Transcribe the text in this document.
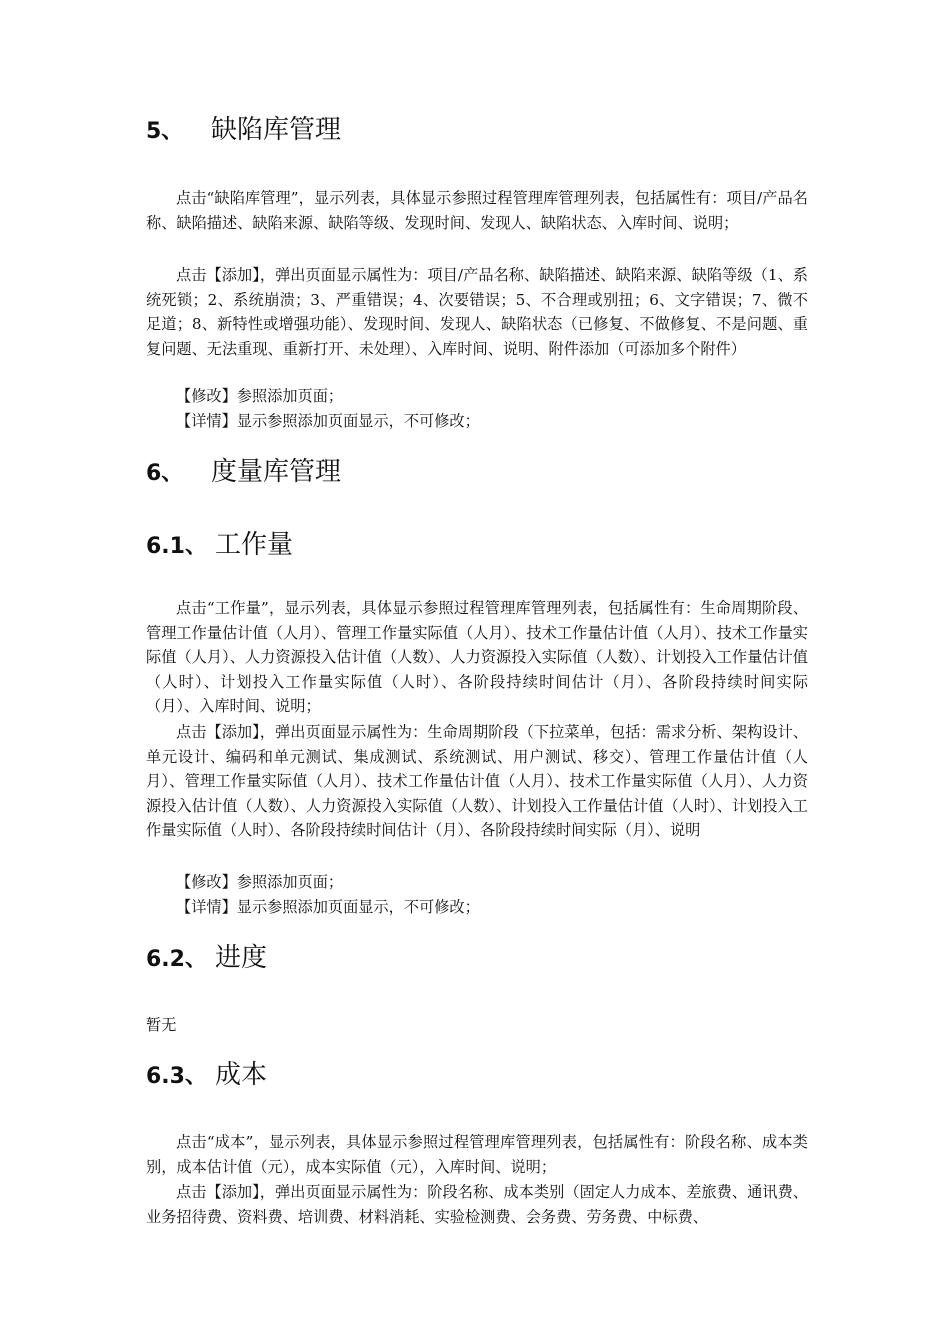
5、 缺陷库管理
点击“缺陷库管理”，显示列表，具体显示参照过程管理库管理列表，包括属性有：项目/产品名称、缺陷描述、缺陷来源、缺陷等级、发现时间、发现人、缺陷状态、入库时间、说明；
点击【添加】，弹出页面显示属性为：项目/产品名称、缺陷描述、缺陷来源、缺陷等级（1、系统死锁；2、系统崩溃；3、严重错误；4、次要错误；5、不合理或别扭；6、文字错误；7、微不足道；8、新特性或增强功能）、发现时间、发现人、缺陷状态（已修复、不做修复、不是问题、重复问题、无法重现、重新打开、未处理）、入库时间、说明、附件添加（可添加多个附件）
【修改】参照添加页面；
【详情】显示参照添加页面显示，不可修改；
6、 度量库管理
6.1、 工作量
点击“工作量”，显示列表，具体显示参照过程管理库管理列表，包括属性有：生命周期阶段、管理工作量估计值（人月）、管理工作量实际值（人月）、技术工作量估计值（人月）、技术工作量实际值（人月）、人力资源投入估计值（人数）、人力资源投入实际值（人数）、计划投入工作量估计值（人时）、计划投入工作量实际值（人时）、各阶段持续时间估计（月）、各阶段持续时间实际（月）、入库时间、说明；
点击【添加】，弹出页面显示属性为：生命周期阶段（下拉菜单，包括：需求分析、架构设计、单元设计、编码和单元测试、集成测试、系统测试、用户测试、移交）、管理工作量估计值（人月）、管理工作量实际值（人月）、技术工作量估计值（人月）、技术工作量实际值（人月）、人力资源投入估计值（人数）、人力资源投入实际值（人数）、计划投入工作量估计值（人时）、计划投入工作量实际值（人时）、各阶段持续时间估计（月）、各阶段持续时间实际（月）、说明
【修改】参照添加页面；
【详情】显示参照添加页面显示，不可修改；
6.2、 进度
暂无
6.3、 成本
点击“成本”，显示列表，具体显示参照过程管理库管理列表，包括属性有：阶段名称、成本类别，成本估计值（元），成本实际值（元），入库时间、说明；
点击【添加】，弹出页面显示属性为：阶段名称、成本类别（固定人力成本、差旅费、通讯费、业务招待费、资料费、培训费、材料消耗、实验检测费、会务费、劳务费、中标费、
